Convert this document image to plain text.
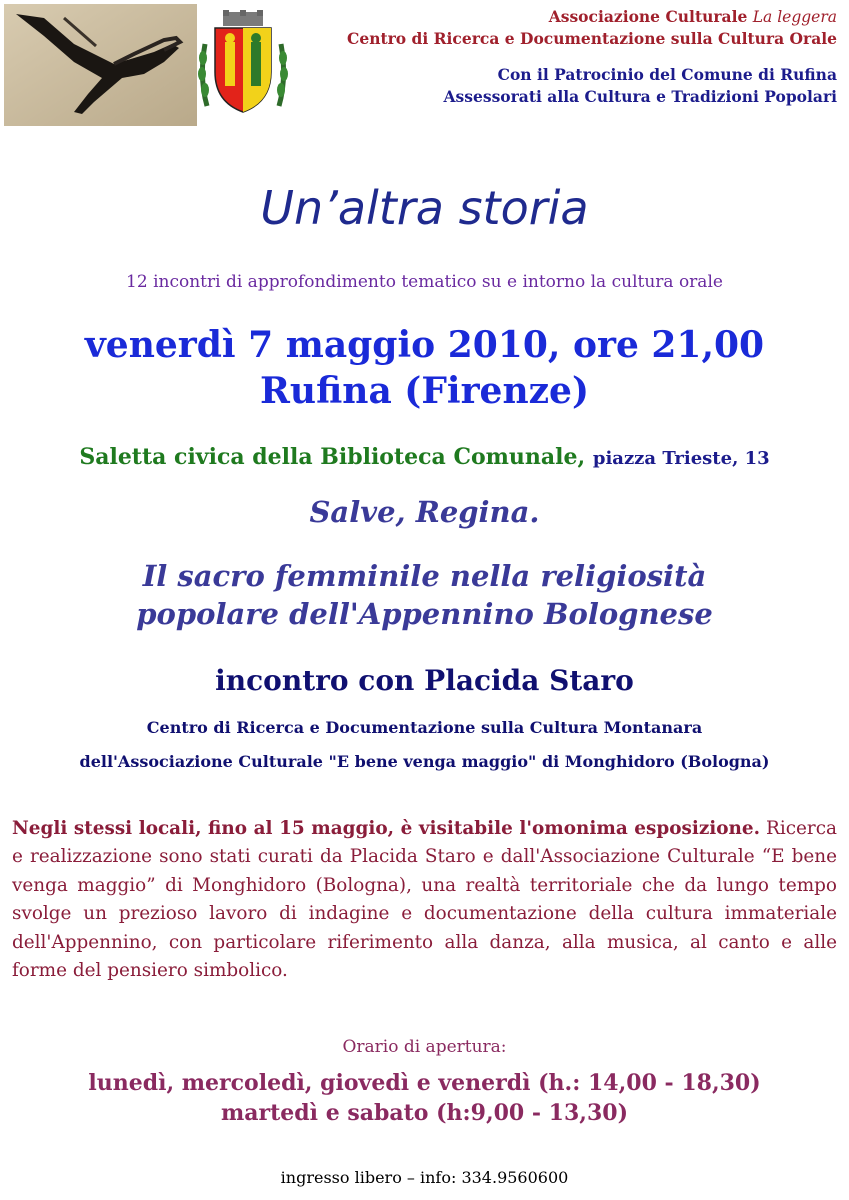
Associazione Culturale La leggera
Centro di Ricerca e Documentazione sulla Cultura Orale
Con il Patrocinio del Comune di Rufina
Assessorati alla Cultura e Tradizioni Popolari
Un’altra storia
12 incontri di approfondimento tematico su e intorno la cultura orale
venerdì 7 maggio 2010, ore 21,00
Rufina (Firenze)
Saletta civica della Biblioteca Comunale, piazza Trieste, 13
Salve, Regina.
Il sacro femminile nella religiosità
popolare dell'Appennino Bolognese
incontro con Placida Staro
Centro di Ricerca e Documentazione sulla Cultura Montanara
dell'Associazione Culturale "E bene venga maggio" di Monghidoro (Bologna)
Negli stessi locali, fino al 15 maggio, è visitabile l'omonima esposizione. Ricerca e realizzazione sono stati curati da Placida Staro e dall'Associazione Culturale “E bene venga maggio” di Monghidoro (Bologna), una realtà territoriale che da lungo tempo svolge un prezioso lavoro di indagine e documentazione della cultura immateriale dell'Appennino, con particolare riferimento alla danza, alla musica, al canto e alle forme del pensiero simbolico.
Orario di apertura:
lunedì, mercoledì, giovedì e venerdì (h.: 14,00 - 18,30)
martedì e sabato (h:9,00 - 13,30)
ingresso libero – info: 334.9560600
